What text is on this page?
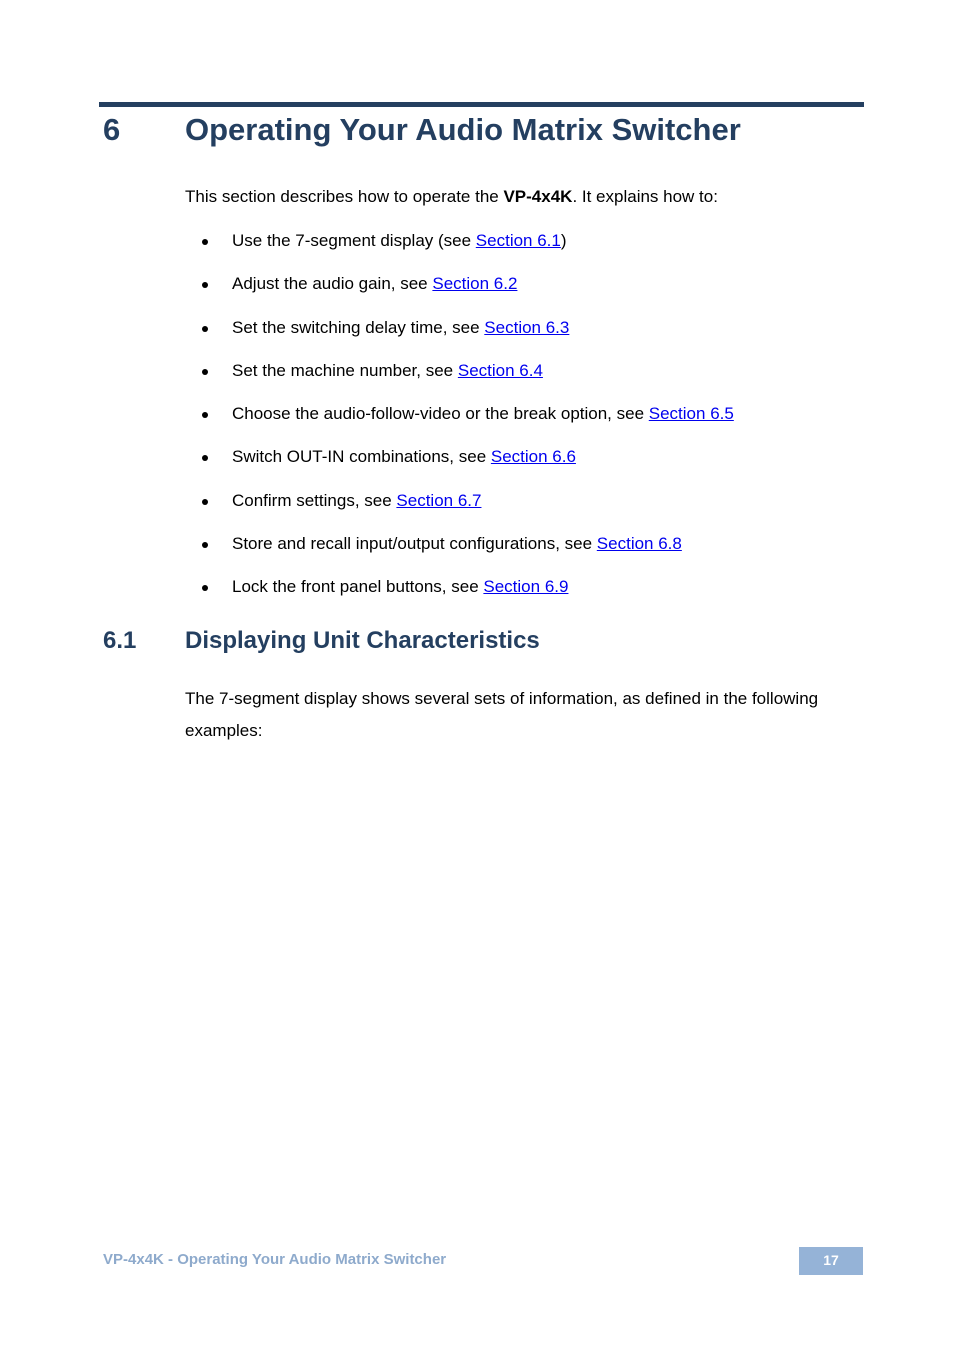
6 Operating Your Audio Matrix Switcher
This section describes how to operate the VP-4x4K. It explains how to:
Use the 7-segment display (see Section 6.1)
Adjust the audio gain, see Section 6.2
Set the switching delay time, see Section 6.3
Set the machine number, see Section 6.4
Choose the audio-follow-video or the break option, see Section 6.5
Switch OUT-IN combinations, see Section 6.6
Confirm settings, see Section 6.7
Store and recall input/output configurations, see Section 6.8
Lock the front panel buttons, see Section 6.9
6.1 Displaying Unit Characteristics
The 7-segment display shows several sets of information, as defined in the following examples:
VP-4x4K - Operating Your Audio Matrix Switcher	17
